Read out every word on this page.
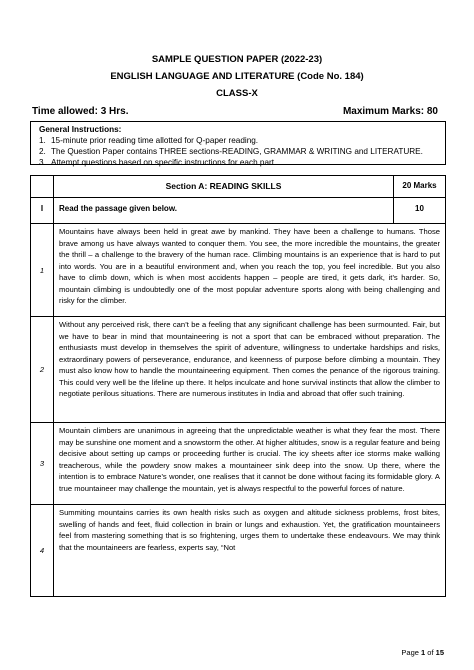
SAMPLE QUESTION PAPER (2022-23)
ENGLISH LANGUAGE AND LITERATURE (Code No. 184)
CLASS-X
Time allowed: 3 Hrs.	Maximum Marks: 80
General Instructions:
1. 15-minute prior reading time allotted for Q-paper reading.
2. The Question Paper contains THREE sections-READING, GRAMMAR & WRITING and LITERATURE.
3. Attempt questions based on specific instructions for each part.
	Section A: READING SKILLS	20 Marks
I	Read the passage given below.	10
1	Mountains have always been held in great awe by mankind. They have been a challenge to humans. Those brave among us have always wanted to conquer them. You see, the more incredible the mountains, the greater the thrill – a challenge to the bravery of the human race. Climbing mountains is an experience that is hard to put into words. You are in a beautiful environment and, when you reach the top, you feel incredible. But you also have to climb down, which is when most accidents happen – people are tired, it gets dark, it’s harder. So, mountain climbing is undoubtedly one of the most popular adventure sports along with being challenging and risky for the climber.	
2	Without any perceived risk, there can’t be a feeling that any significant challenge has been surmounted. Fair, but we have to bear in mind that mountaineering is not a sport that can be embraced without preparation. The enthusiasts must develop in themselves the spirit of adventure, willingness to undertake hardships and risks, extraordinary powers of perseverance, endurance, and keenness of purpose before climbing a mountain. They must also know how to handle the mountaineering equipment. Then comes the penance of the rigorous training. This could very well be the lifeline up there. It helps inculcate and hone survival instincts that allow the climber to negotiate perilous situations. There are numerous institutes in India and abroad that offer such training.	
3	Mountain climbers are unanimous in agreeing that the unpredictable weather is what they fear the most. There may be sunshine one moment and a snowstorm the other. At higher altitudes, snow is a regular feature and being decisive about setting up camps or proceeding further is crucial. The icy sheets after ice storms make walking treacherous, while the powdery snow makes a mountaineer sink deep into the snow. Up there, where the intention is to embrace Nature’s wonder, one realises that it cannot be done without facing its formidable glory. A true mountaineer may challenge the mountain, yet is always respectful to the powerful forces of nature.	
4	Summiting mountains carries its own health risks such as oxygen and altitude sickness problems, frost bites, swelling of hands and feet, fluid collection in brain or lungs and exhaustion. Yet, the gratification mountaineers feel from mastering something that is so frightening, urges them to undertake these endeavours. We may think that the mountaineers are fearless, experts say, “Not	
Page 1 of 15
